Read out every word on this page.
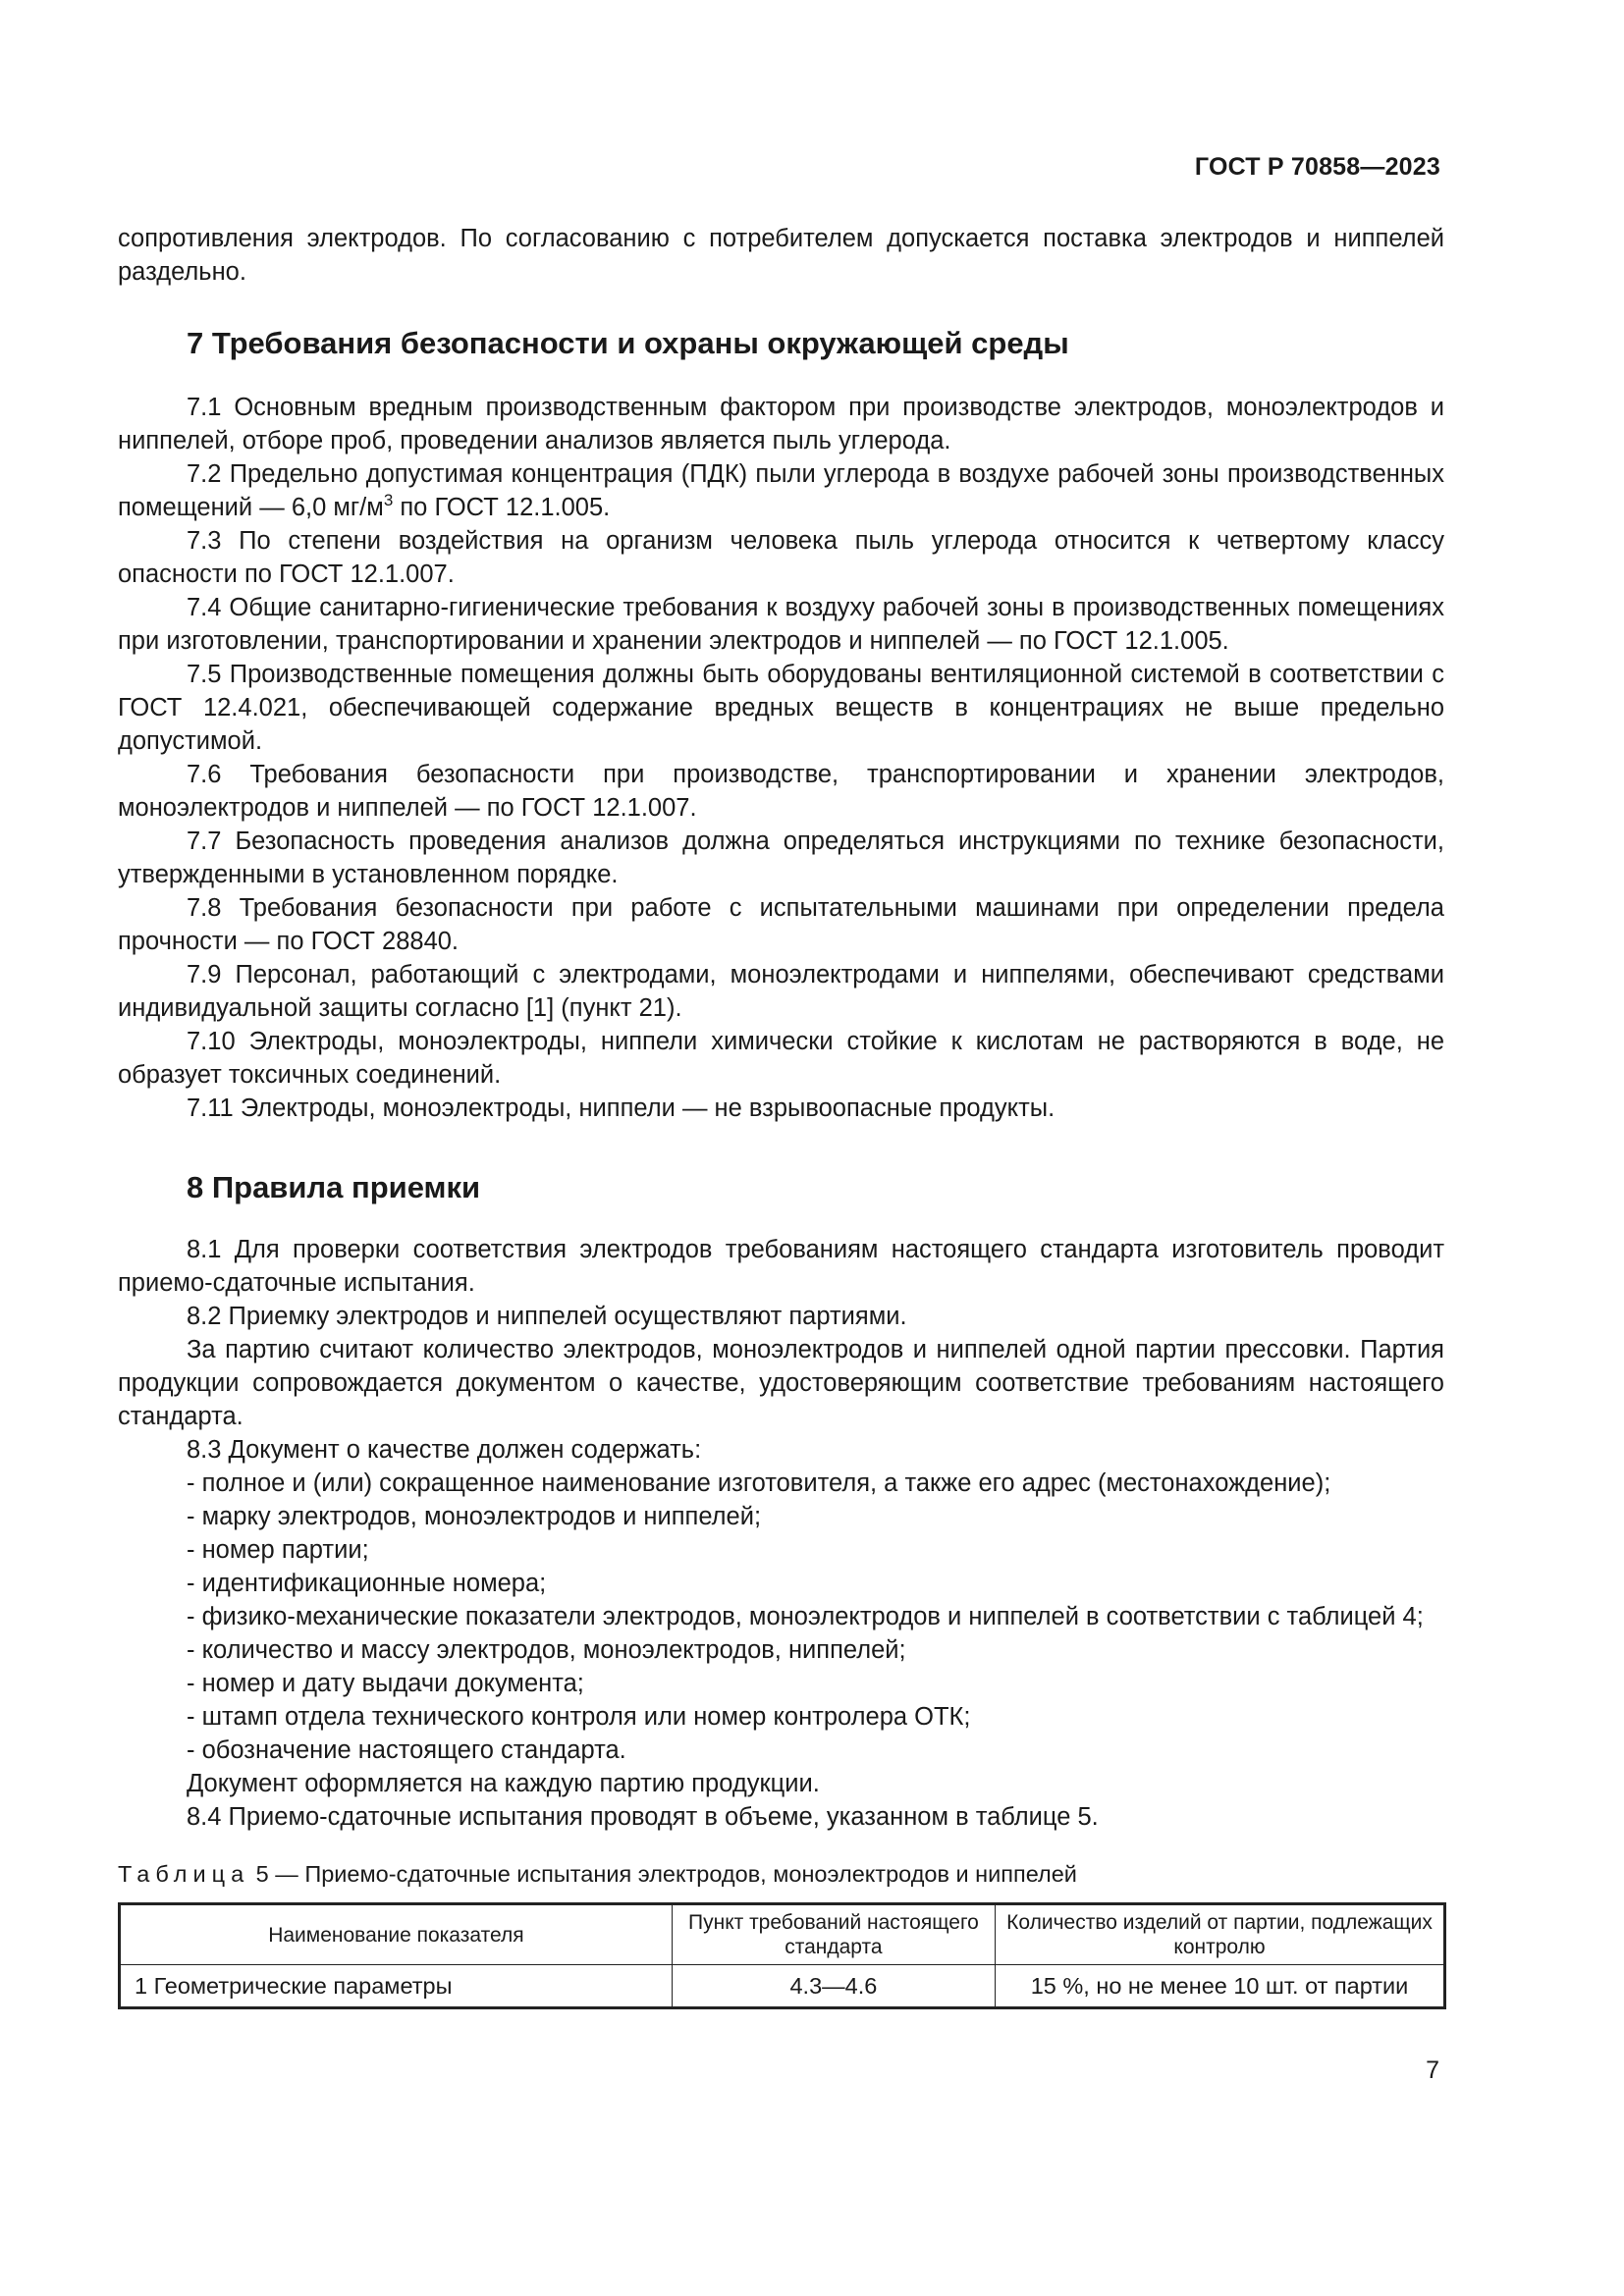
ГОСТ Р 70858—2023

сопротивления электродов. По согласованию с потребителем допускается поставка электродов и ниппелей раздельно.

7 Требования безопасности и охраны окружающей среды

7.1 Основным вредным производственным фактором при производстве электродов, моноэлектродов и ниппелей, отборе проб, проведении анализов является пыль углерода.

7.2 Предельно допустимая концентрация (ПДК) пыли углерода в воздухе рабочей зоны производственных помещений — 6,0 $мг/м^3$ по ГОСТ 12.1.005.

7.3 По степени воздействия на организм человека пыль углерода относится к четвертому классу опасности по ГОСТ 12.1.007.

7.4 Общие санитарно-гигиенические требования к воздуху рабочей зоны в производственных помещениях при изготовлении, транспортировании и хранении электродов и ниппелей — по ГОСТ 12.1.005.

7.5 Производственные помещения должны быть оборудованы вентиляционной системой в соответствии с ГОСТ 12.4.021, обеспечивающей содержание вредных веществ в концентрациях не выше предельно допустимой.

7.6 Требования безопасности при производстве, транспортировании и хранении электродов, моноэлектродов и ниппелей — по ГОСТ 12.1.007.

7.7 Безопасность проведения анализов должна определяться инструкциями по технике безопасности, утвержденными в установленном порядке.

7.8 Требования безопасности при работе с испытательными машинами при определении предела прочности — по ГОСТ 28840.

7.9 Персонал, работающий с электродами, моноэлектродами и ниппелями, обеспечивают средствами индивидуальной защиты согласно [1] (пункт 21).

7.10 Электроды, моноэлектроды, ниппели химически стойкие к кислотам не растворяются в воде, не образует токсичных соединений.

7.11 Электроды, моноэлектроды, ниппели — не взрывоопасные продукты.

8 Правила приемки

8.1 Для проверки соответствия электродов требованиям настоящего стандарта изготовитель проводит приемо-сдаточные испытания.

8.2 Приемку электродов и ниппелей осуществляют партиями.

За партию считают количество электродов, моноэлектродов и ниппелей одной партии прессовки. Партия продукции сопровождается документом о качестве, удостоверяющим соответствие требованиям настоящего стандарта.

8.3 Документ о качестве должен содержать:

- полное и (или) сокращенное наименование изготовителя, а также его адрес (местонахождение);

- марку электродов, моноэлектродов и ниппелей;

- номер партии;

- идентификационные номера;

- физико-механические показатели электродов, моноэлектродов и ниппелей в соответствии с таблицей 4;

- количество и массу электродов, моноэлектродов, ниппелей;

- номер и дату выдачи документа;

- штамп отдела технического контроля или номер контролера ОТК;

- обозначение настоящего стандарта.

Документ оформляется на каждую партию продукции.

8.4 Приемо-сдаточные испытания проводят в объеме, указанном в таблице 5.

Таблица 5 — Приемо-сдаточные испытания электродов, моноэлектродов и ниппелей
Наименование показателя	Пункт требований настоящего стандарта	Количество изделий от партии, подлежащих контролю
1 Геометрические параметры	4.3—4.6	15 %, но не менее 10 шт. от партии
7
